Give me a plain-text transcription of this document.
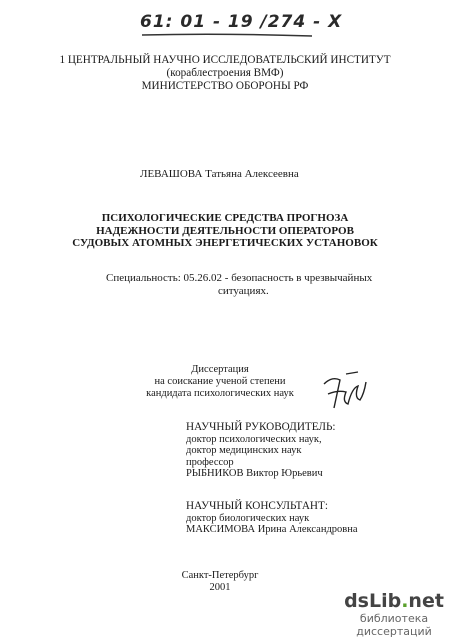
61: 01 - 19 /274 - X
1 ЦЕНТРАЛЬНЫЙ НАУЧНО ИССЛЕДОВАТЕЛЬСКИЙ ИНСТИТУТ
(кораблестроения ВМФ)
МИНИСТЕРСТВО ОБОРОНЫ РФ
ЛЕВАШОВА Татьяна Алексеевна
ПСИХОЛОГИЧЕСКИЕ СРЕДСТВА ПРОГНОЗА
НАДЕЖНОСТИ ДЕЯТЕЛЬНОСТИ ОПЕРАТОРОВ
СУДОВЫХ АТОМНЫХ ЭНЕРГЕТИЧЕСКИХ УСТАНОВОК
Специальность: 05.26.02 - безопасность в чрезвычайных
ситуациях.
Диссертация
на соискание ученой степени
кандидата психологических наук
НАУЧНЫЙ РУКОВОДИТЕЛЬ:
доктор психологических наук,
доктор медицинских наук
профессор
РЫБНИКОВ Виктор Юрьевич
НАУЧНЫЙ КОНСУЛЬТАНТ:
доктор биологических наук
МАКСИМОВА Ирина Александровна
Санкт-Петербург
2001
dsLib.net
библиотека диссертаций
